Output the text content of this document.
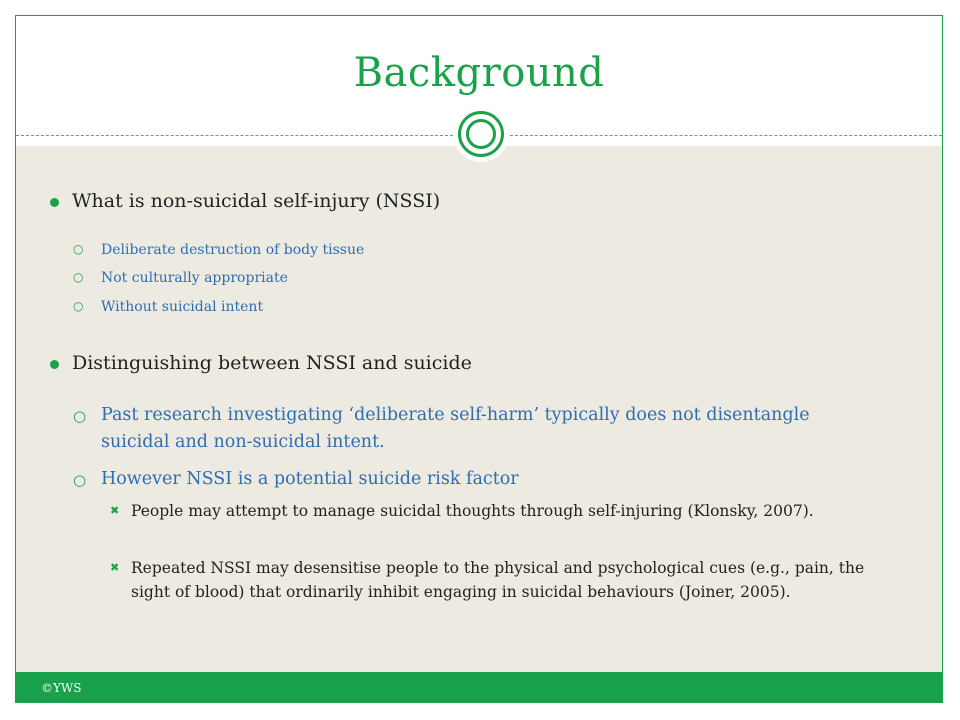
Background
What is non-suicidal self-injury (NSSI)
○ Deliberate destruction of body tissue
○ Not culturally appropriate
○ Without suicidal intent
Distinguishing between NSSI and suicide
○ Past research investigating ‘deliberate self-harm’ typically does not disentangle suicidal and non-suicidal intent.
○ However NSSI is a potential suicide risk factor
✖ People may attempt to manage suicidal thoughts through self-injuring (Klonsky, 2007).
✖ Repeated NSSI may desensitise people to the physical and psychological cues (e.g., pain, the sight of blood) that ordinarily inhibit engaging in suicidal behaviours (Joiner, 2005).
©YWS
